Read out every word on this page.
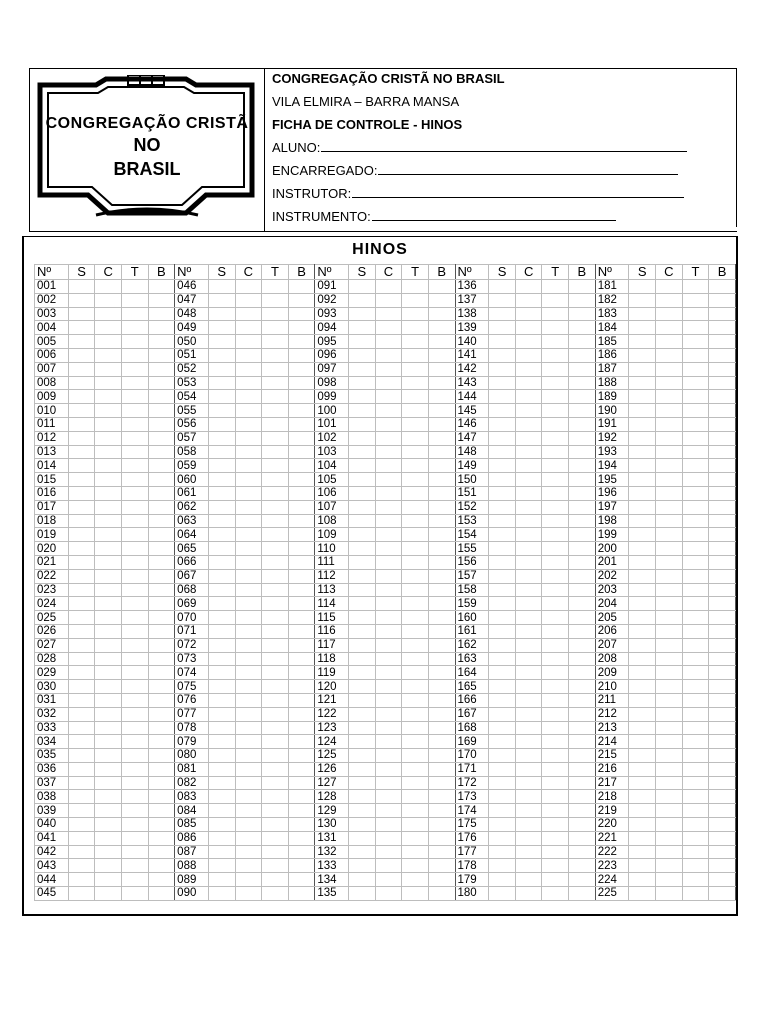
CONGREGAÇÃO CRISTÃ
NO
BRASIL
CONGREGAÇÃO CRISTÃ NO BRASIL
VILA ELMIRA – BARRA MANSA
FICHA DE CONTROLE - HINOS
ALUNO:
ENCARREGADO:
INSTRUTOR:
INSTRUMENTO:
HINOS
Nº	S	C	T	B	Nº	S	C	T	B	Nº	S	C	T	B	Nº	S	C	T	B	Nº	S	C	T	B
001					046					091					136					181				
002					047					092					137					182				
003					048					093					138					183				
004					049					094					139					184				
005					050					095					140					185				
006					051					096					141					186				
007					052					097					142					187				
008					053					098					143					188				
009					054					099					144					189				
010					055					100					145					190				
011					056					101					146					191				
012					057					102					147					192				
013					058					103					148					193				
014					059					104					149					194				
015					060					105					150					195				
016					061					106					151					196				
017					062					107					152					197				
018					063					108					153					198				
019					064					109					154					199				
020					065					110					155					200				
021					066					111					156					201				
022					067					112					157					202				
023					068					113					158					203				
024					069					114					159					204				
025					070					115					160					205				
026					071					116					161					206				
027					072					117					162					207				
028					073					118					163					208				
029					074					119					164					209				
030					075					120					165					210				
031					076					121					166					211				
032					077					122					167					212				
033					078					123					168					213				
034					079					124					169					214				
035					080					125					170					215				
036					081					126					171					216				
037					082					127					172					217				
038					083					128					173					218				
039					084					129					174					219				
040					085					130					175					220				
041					086					131					176					221				
042					087					132					177					222				
043					088					133					178					223				
044					089					134					179					224				
045					090					135					180					225				
